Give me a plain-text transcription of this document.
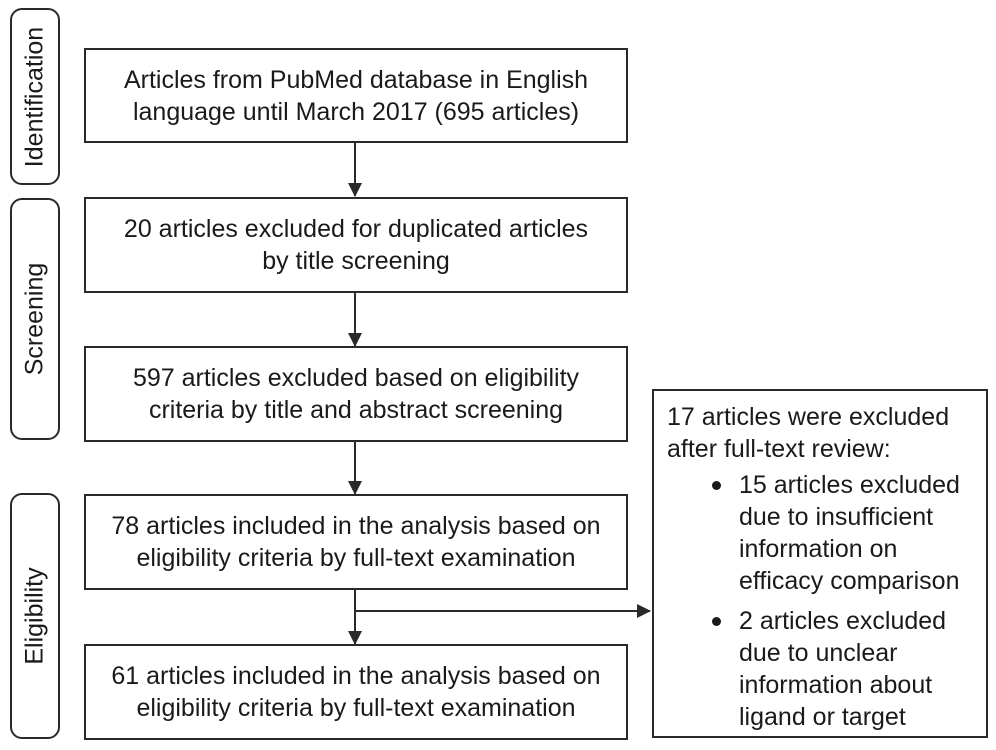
Identification
Screening
Eligibility
Articles from PubMed database in English
language until March 2017 (695 articles)
20 articles excluded for duplicated articles
by title screening
597 articles excluded based on eligibility
criteria by title and abstract screening
78 articles included in the analysis based on
eligibility criteria by full-text examination
61 articles included in the analysis based on
eligibility criteria by full-text examination
17 articles were excluded
after full-text review:
15 articles excluded
due to insufficient
information on
efficacy comparison
2 articles excluded
due to unclear
information about
ligand or target
